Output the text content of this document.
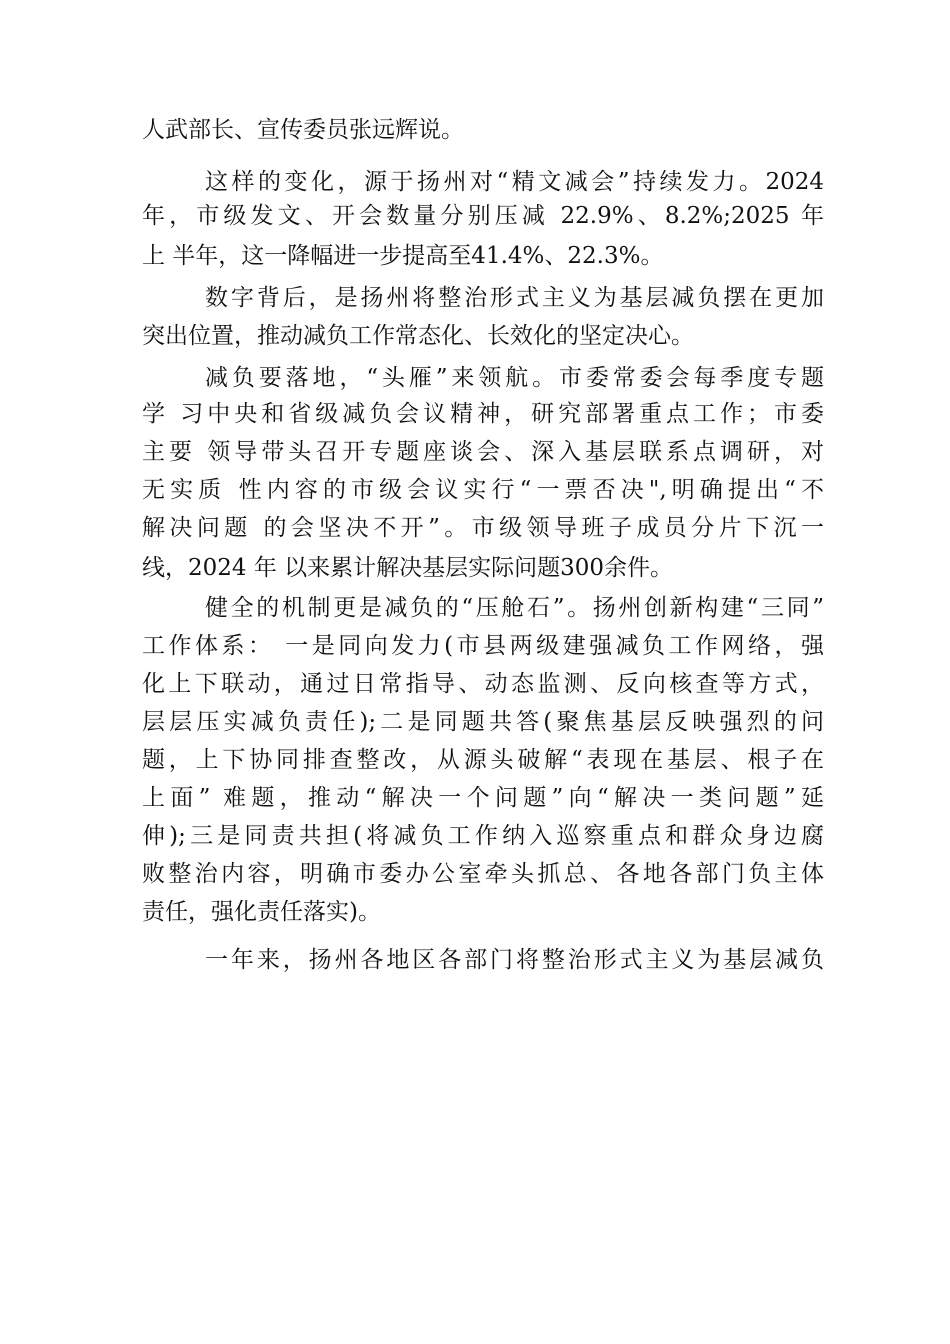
人武部长、宣传委员张远辉说。
这样的变化，源于扬州对“精文减会”持续发力。2024
年，市级发文、开会数量分别压减 22.9%、8.2%;2025 年
上 半年，这一降幅进一步提高至41.4%、22.3%。
数字背后，是扬州将整治形式主义为基层减负摆在更加
突出位置，推动减负工作常态化、长效化的坚定决心。
减负要落地，“头雁”来领航。市委常委会每季度专题
学 习中央和省级减负会议精神，研究部署重点工作；市委
主要 领导带头召开专题座谈会、深入基层联系点调研，对
无实质 性内容的市级会议实行“一票否决",明确提出“不
解决问题 的会坚决不开”。市级领导班子成员分片下沉一
线，2024 年 以来累计解决基层实际问题300余件。
健全的机制更是减负的“压舱石”。扬州创新构建“三同”
工作体系： 一是同向发力(市县两级建强减负工作网络，强
化上下联动，通过日常指导、动态监测、反向核查等方式，
层层压实减负责任);二是同题共答(聚焦基层反映强烈的问
题，上下协同排查整改，从源头破解“表现在基层、根子在
上面” 难题，推动“解决一个问题”向“解决一类问题”延
伸);三是同责共担(将减负工作纳入巡察重点和群众身边腐
败整治内容，明确市委办公室牵头抓总、各地各部门负主体
责任，强化责任落实)。
一年来，扬州各地区各部门将整治形式主义为基层减负
